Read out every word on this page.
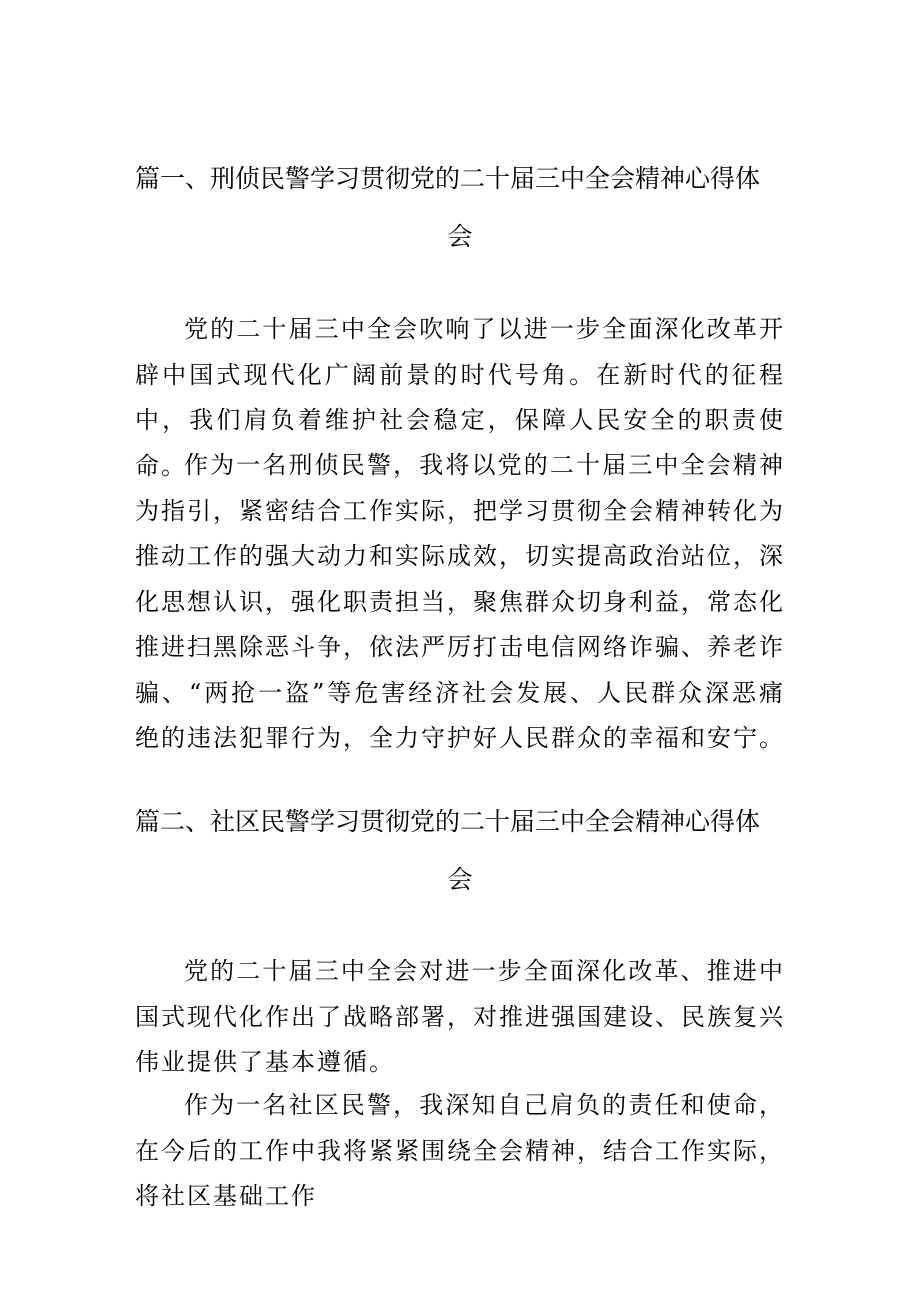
篇一、刑侦民警学习贯彻党的二十届三中全会精神心得体
会

党的二十届三中全会吹响了以进一步全面深化改革开辟中国式现代化广阔前景的时代号角。在新时代的征程中，我们肩负着维护社会稳定，保障人民安全的职责使命。

作为一名刑侦民警，我将以党的二十届三中全会精神为指引，紧密结合工作实际，把学习贯彻全会精神转化为推动工作的强大动力和实际成效，切实提高政治站位，深化思想认识，强化职责担当，聚焦群众切身利益，常态化推进扫黑除恶斗争，依法严厉打击电信网络诈骗、养老诈骗、“两抢一盗”等危害经济社会发展、人民群众深恶痛绝的违法犯罪行为，全力守护好人民群众的幸福和安宁。

篇二、社区民警学习贯彻党的二十届三中全会精神心得体
会

党的二十届三中全会对进一步全面深化改革、推进中国式现代化作出了战略部署，对推进强国建设、民族复兴伟业提供了基本遵循。

作为一名社区民警，我深知自己肩负的责任和使命，在今后的工作中我将紧紧围绕全会精神，结合工作实际，将社区基础工作
